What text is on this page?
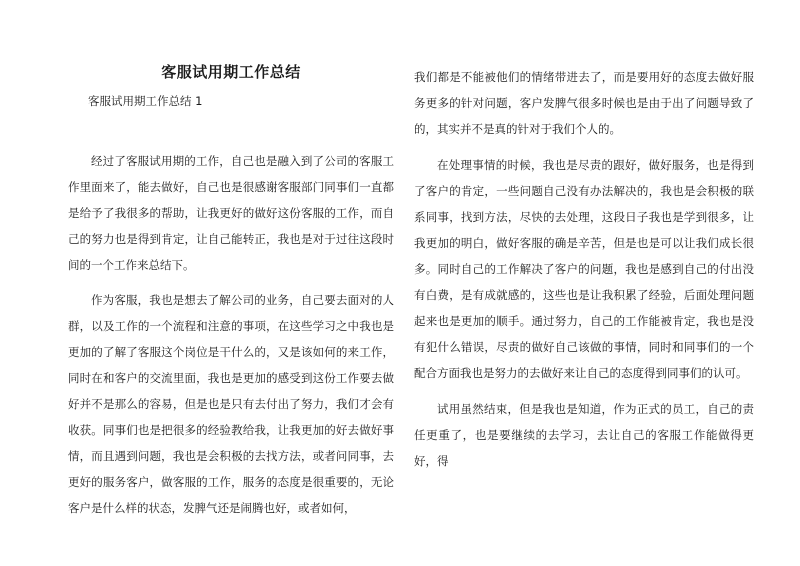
客服试用期工作总结
客服试用期工作总结 1

经过了客服试用期的工作，自己也是融入到了公司的客服工作里面来了，能去做好，自己也是很感谢客服部门同事们一直都是给予了我很多的帮助，让我更好的做好这份客服的工作，而自己的努力也是得到肯定，让自己能转正，我也是对于过往这段时间的一个工作来总结下。

作为客服，我也是想去了解公司的业务，自己要去面对的人群，以及工作的一个流程和注意的事项，在这些学习之中我也是更加的了解了客服这个岗位是干什么的，又是该如何的来工作，同时在和客户的交流里面，我也是更加的感受到这份工作要去做好并不是那么的容易，但是也是只有去付出了努力，我们才会有收获。同事们也是把很多的经验教给我，让我更加的好去做好事情，而且遇到问题，我也是会积极的去找方法，或者问同事，去更好的服务客户，做客服的工作，服务的态度是很重要的，无论客户是什么样的状态，发脾气还是闹腾也好，或者如何，

我们都是不能被他们的情绪带进去了，而是要用好的态度去做好服务更多的针对问题，客户发脾气很多时候也是由于出了问题导致了的，其实并不是真的针对于我们个人的。

在处理事情的时候，我也是尽责的跟好，做好服务，也是得到了客户的肯定，一些问题自己没有办法解决的，我也是会积极的联系同事，找到方法，尽快的去处理，这段日子我也是学到很多，让我更加的明白，做好客服的确是辛苦，但是也是可以让我们成长很多。同时自己的工作解决了客户的问题，我也是感到自己的付出没有白费，是有成就感的，这些也是让我积累了经验，后面处理问题起来也是更加的顺手。通过努力，自己的工作能被肯定，我也是没有犯什么错误，尽责的做好自己该做的事情，同时和同事们的一个配合方面我也是努力的去做好来让自己的态度得到同事们的认可。

试用虽然结束，但是我也是知道，作为正式的员工，自己的责任更重了，也是要继续的去学习，去让自己的客服工作能做得更好，得
